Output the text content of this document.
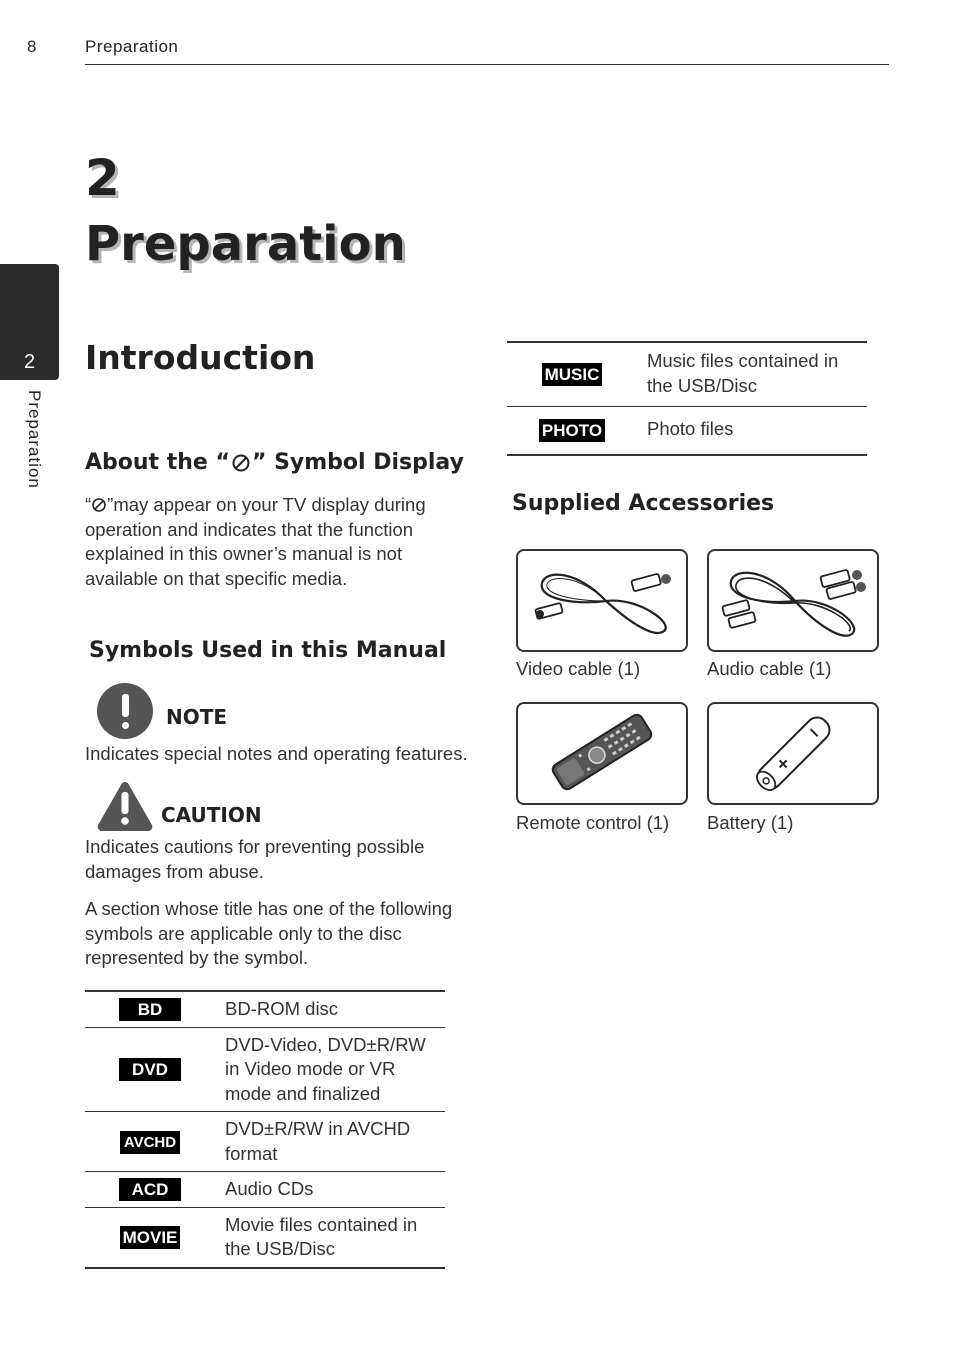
8	Preparation
2
Preparation
2
Preparation
Introduction
About the “ ” Symbol Display
“ ”may appear on your TV display during operation and indicates that the function explained in this owner’s manual is not available on that specific media.
Symbols Used in this Manual
NOTE
Indicates special notes and operating features.
CAUTION
Indicates cautions for preventing possible damages from abuse.
A section whose title has one of the following symbols are applicable only to the disc represented by the symbol.
BD	BD-ROM disc
DVD	DVD-Video, DVD±R/RW in Video mode or VR mode and finalized
AVCHD	DVD±R/RW in AVCHD format
ACD	Audio CDs
MOVIE	Movie files contained in the USB/Disc
MUSIC	Music files contained in the USB/Disc
PHOTO	Photo files
Supplied Accessories
Video cable (1)	Audio cable (1)
Remote control (1) Battery (1)
